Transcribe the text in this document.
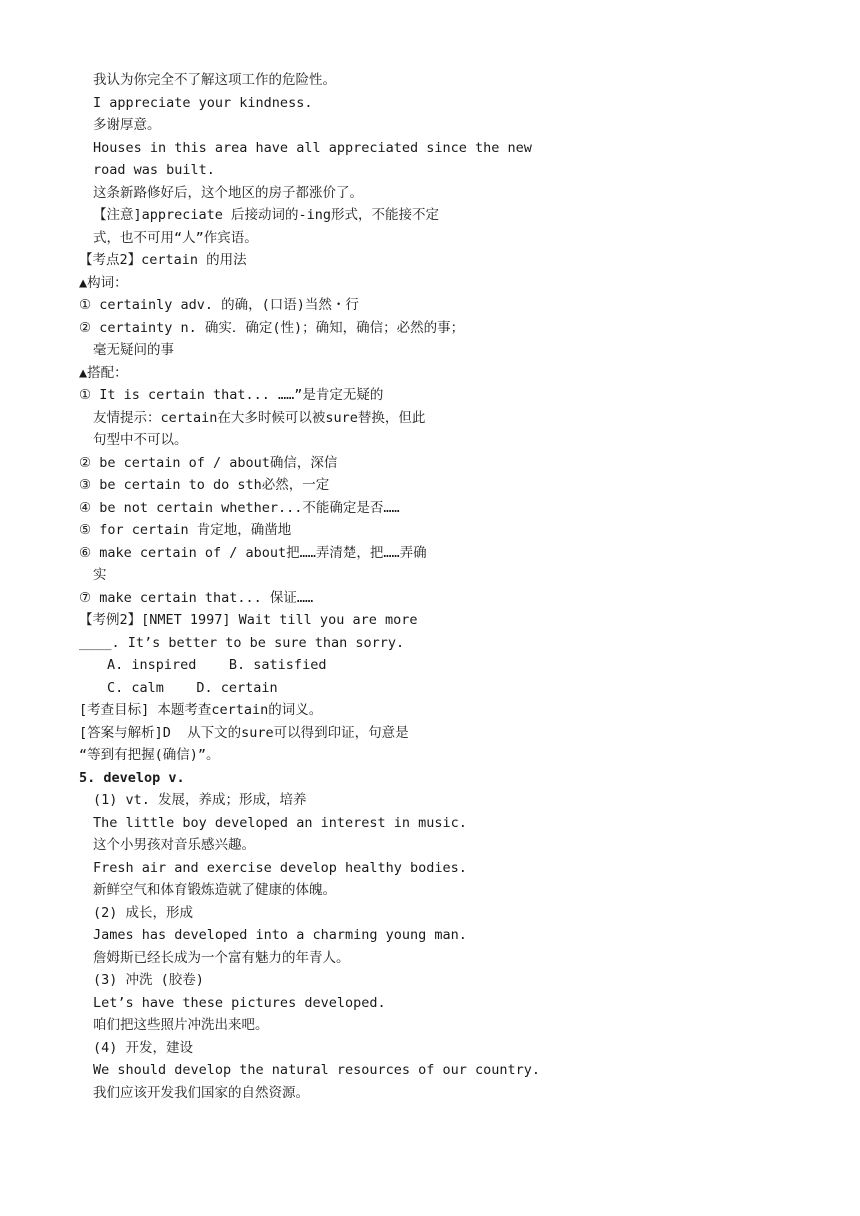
我认为你完全不了解这项工作的危险性。
I appreciate your kindness.
多谢厚意。
Houses in this area have all appreciated since the new
road was built.
这条新路修好后，这个地区的房子都涨价了。
【注意]appreciate 后接动词的-ing形式，不能接不定
式，也不可用“人”作宾语。
【考点2】certain 的用法
▲构词：
① certainly adv. 的确，(口语)当然・行
② certainty n. 确实．确定(性)；确知，确信；必然的事；
毫无疑问的事
▲搭配：
① It is certain that... ……”是肯定无疑的
友情提示：certain在大多时候可以被sure替换，但此
句型中不可以。
② be certain of / about确信，深信
③ be certain to do sth必然，一定
④ be not certain whether...不能确定是否……
⑤ for certain 肯定地，确凿地
⑥ make certain of / about把……弄清楚，把……弄确
实
⑦ make certain that... 保证……
【考例2】[NMET 1997] Wait till you are more
____. It’s better to be sure than sorry.
A. inspired    B. satisfied
C. calm    D. certain
[考查目标] 本题考查certain的词义。
[答案与解析]D  从下文的sure可以得到印证，句意是
“等到有把握(确信)”。
5. develop v.
(1) vt. 发展，养成；形成，培养
The little boy developed an interest in music.
这个小男孩对音乐感兴趣。
Fresh air and exercise develop healthy bodies.
新鲜空气和体育锻炼造就了健康的体魄。
(2) 成长，形成
James has developed into a charming young man.
詹姆斯已经长成为一个富有魅力的年青人。
(3) 冲洗 (胶卷)
Let’s have these pictures developed.
咱们把这些照片冲洗出来吧。
(4) 开发，建设
We should develop the natural resources of our country.
我们应该开发我们国家的自然资源。
